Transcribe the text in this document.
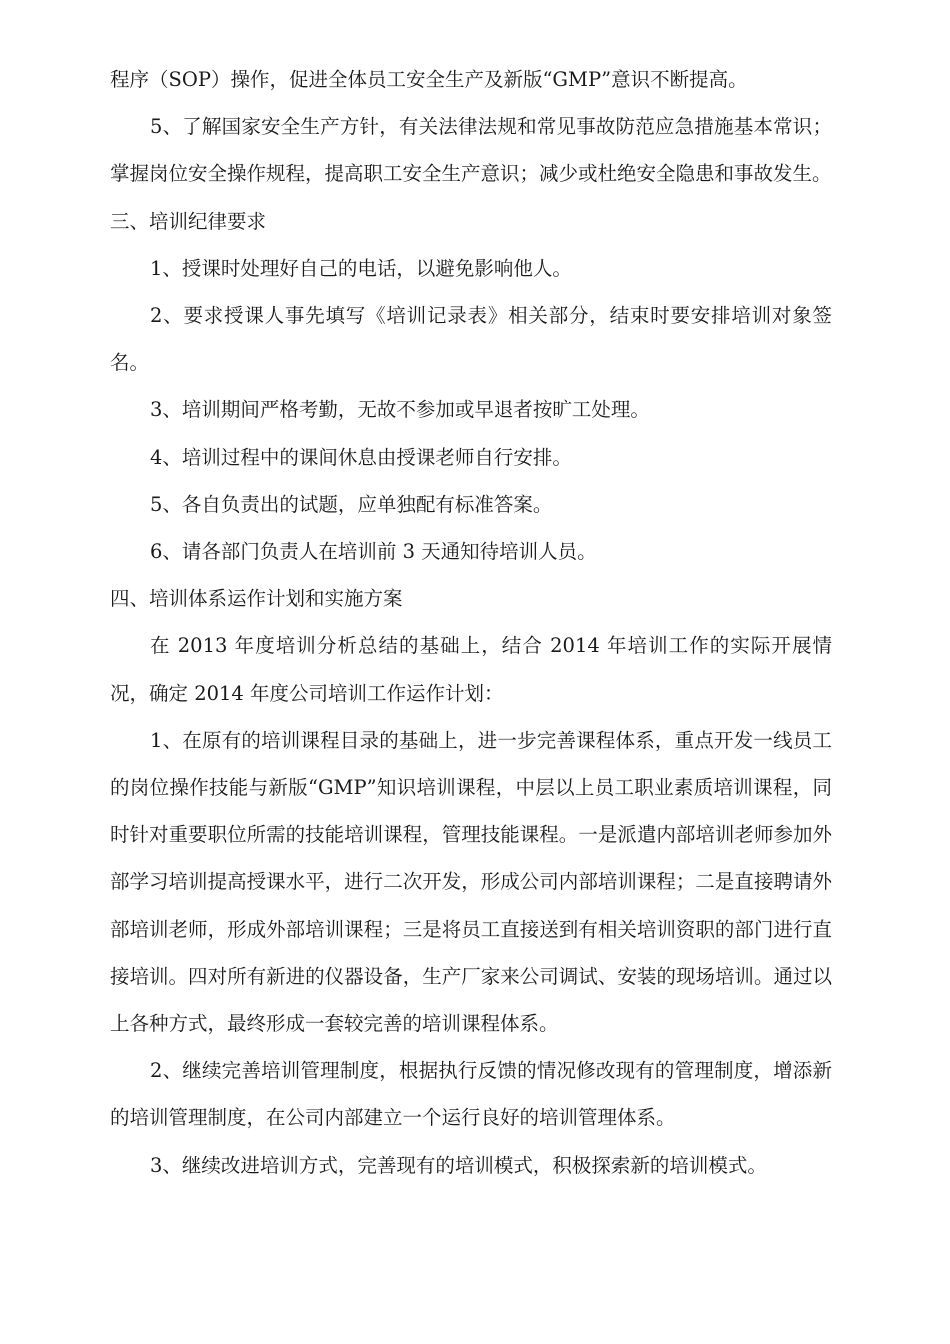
程序（SOP）操作，促进全体员工安全生产及新版“GMP”意识不断提高。

5、了解国家安全生产方针，有关法律法规和常见事故防范应急措施基本常识；掌握岗位安全操作规程，提高职工安全生产意识；减少或杜绝安全隐患和事故发生。

三、培训纪律要求

1、授课时处理好自己的电话，以避免影响他人。

2、要求授课人事先填写《培训记录表》相关部分，结束时要安排培训对象签名。

3、培训期间严格考勤，无故不参加或早退者按旷工处理。

4、培训过程中的课间休息由授课老师自行安排。

5、各自负责出的试题，应单独配有标准答案。

6、请各部门负责人在培训前 3 天通知待培训人员。

四、培训体系运作计划和实施方案

在 2013 年度培训分析总结的基础上，结合 2014 年培训工作的实际开展情况，确定 2014 年度公司培训工作运作计划：

1、在原有的培训课程目录的基础上，进一步完善课程体系，重点开发一线员工的岗位操作技能与新版“GMP”知识培训课程，中层以上员工职业素质培训课程，同时针对重要职位所需的技能培训课程，管理技能课程。一是派遣内部培训老师参加外部学习培训提高授课水平，进行二次开发，形成公司内部培训课程；二是直接聘请外部培训老师，形成外部培训课程；三是将员工直接送到有相关培训资职的部门进行直接培训。四对所有新进的仪器设备，生产厂家来公司调试、安装的现场培训。通过以上各种方式，最终形成一套较完善的培训课程体系。

2、继续完善培训管理制度，根据执行反馈的情况修改现有的管理制度，增添新的培训管理制度，在公司内部建立一个运行良好的培训管理体系。

3、继续改进培训方式，完善现有的培训模式，积极探索新的培训模式。
